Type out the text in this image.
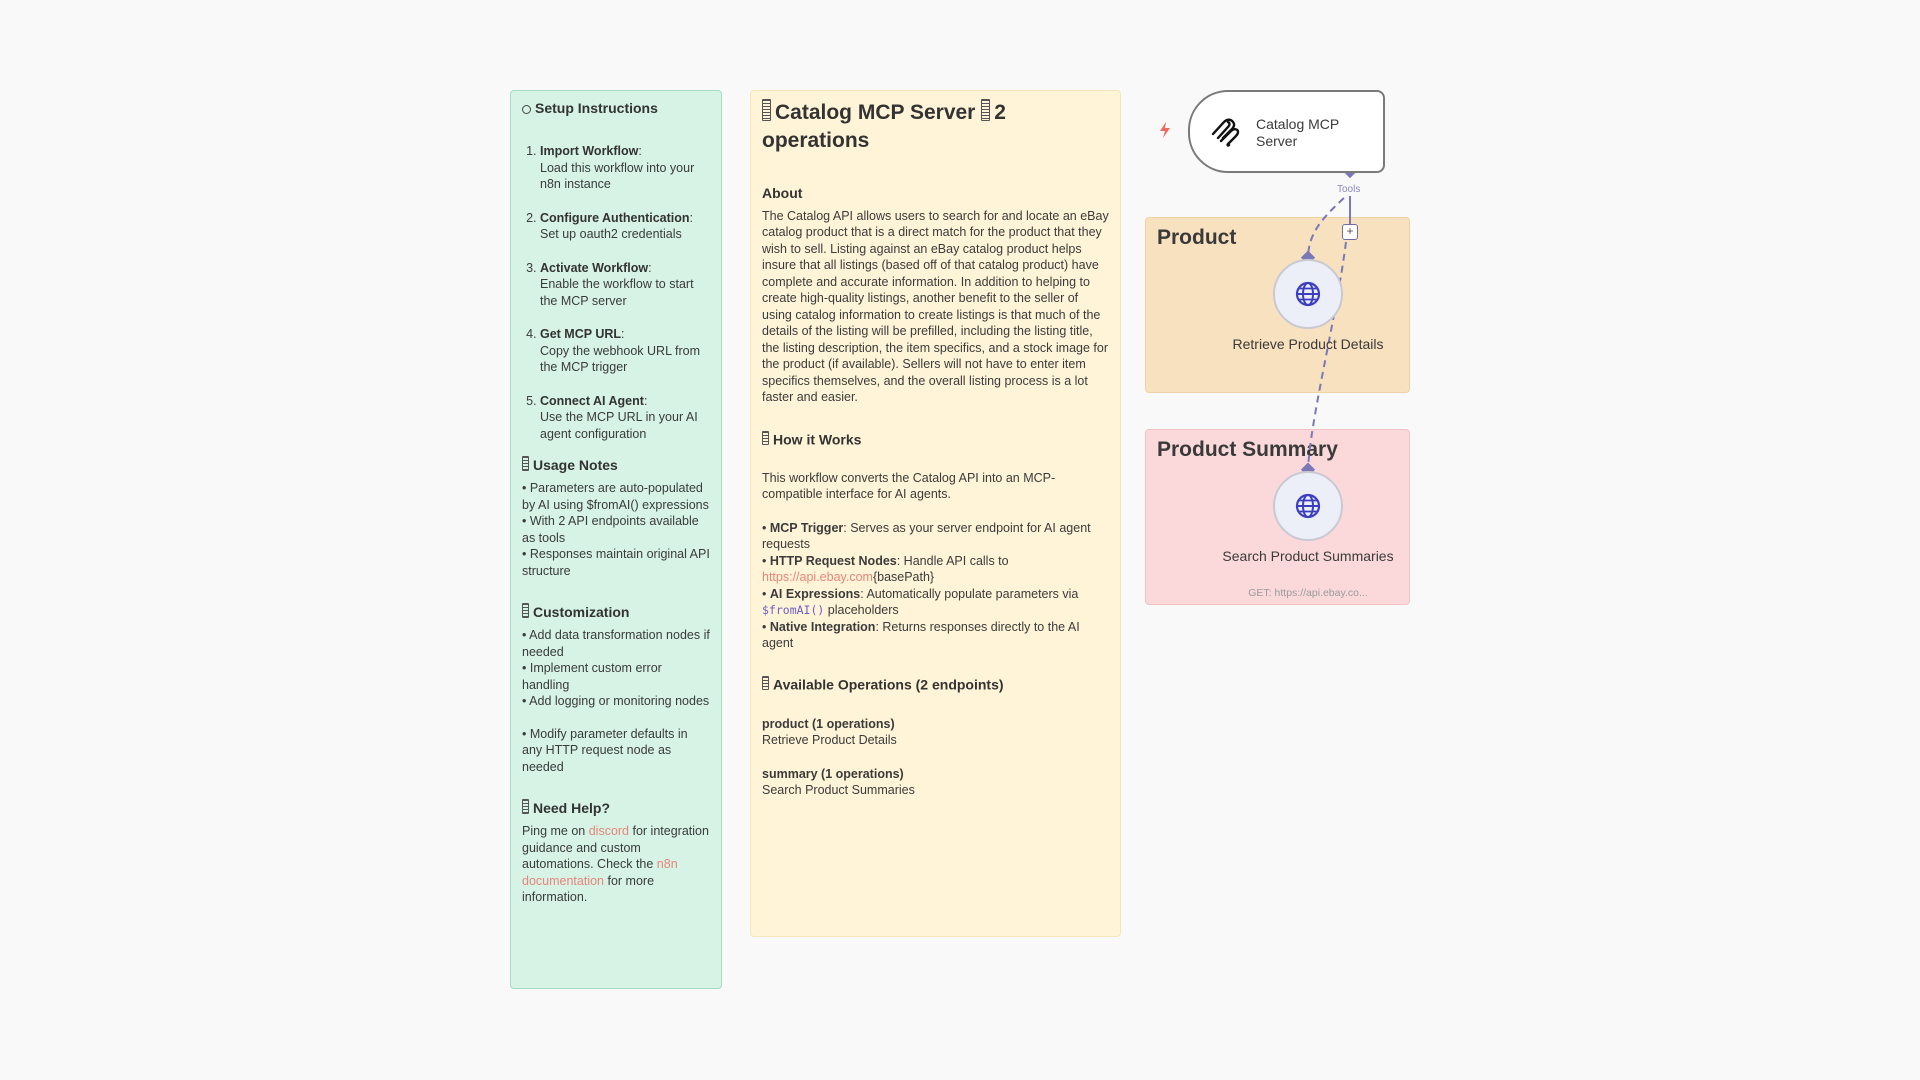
Setup Instructions
1. Import Workflow:
Load this workflow into your n8n instance
2. Configure Authentication:
Set up oauth2 credentials
3. Activate Workflow:
Enable the workflow to start the MCP server
4. Get MCP URL:
Copy the webhook URL from the MCP trigger
5. Connect AI Agent:
Use the MCP URL in your AI agent configuration
Usage Notes
• Parameters are auto-populated by AI using $fromAI() expressions
• With 2 API endpoints available as tools
• Responses maintain original API structure
Customization
• Add data transformation nodes if needed
• Implement custom error handling
• Add logging or monitoring nodes
• Modify parameter defaults in any HTTP request node as needed
Need Help?

Ping me on discord for integration guidance and custom automations. Check the n8n documentation for more information.

Catalog MCP Server 2 operations
About

The Catalog API allows users to search for and locate an eBay catalog product that is a direct match for the product that they wish to sell. Listing against an eBay catalog product helps insure that all listings (based off of that catalog product) have complete and accurate information. In addition to helping to create high-quality listings, another benefit to the seller of using catalog information to create listings is that much of the details of the listing will be prefilled, including the listing title, the listing description, the item specifics, and a stock image for the product (if available). Sellers will not have to enter item specifics themselves, and the overall listing process is a lot faster and easier.

How it Works

This workflow converts the Catalog API into an MCP-compatible interface for AI agents.

• MCP Trigger: Serves as your server endpoint for AI agent requests
• HTTP Request Nodes: Handle API calls to https://api.ebay.com{basePath}
• AI Expressions: Automatically populate parameters via $fromAI() placeholders
• Native Integration: Returns responses directly to the AI agent
Available Operations (2 endpoints)
product (1 operations)
Retrieve Product Details
summary (1 operations)
Search Product Summaries
Product
Product Summary
Catalog MCP Server
Tools
+
Retrieve Product Details
Search Product Summaries
GET: https://api.ebay.co...
